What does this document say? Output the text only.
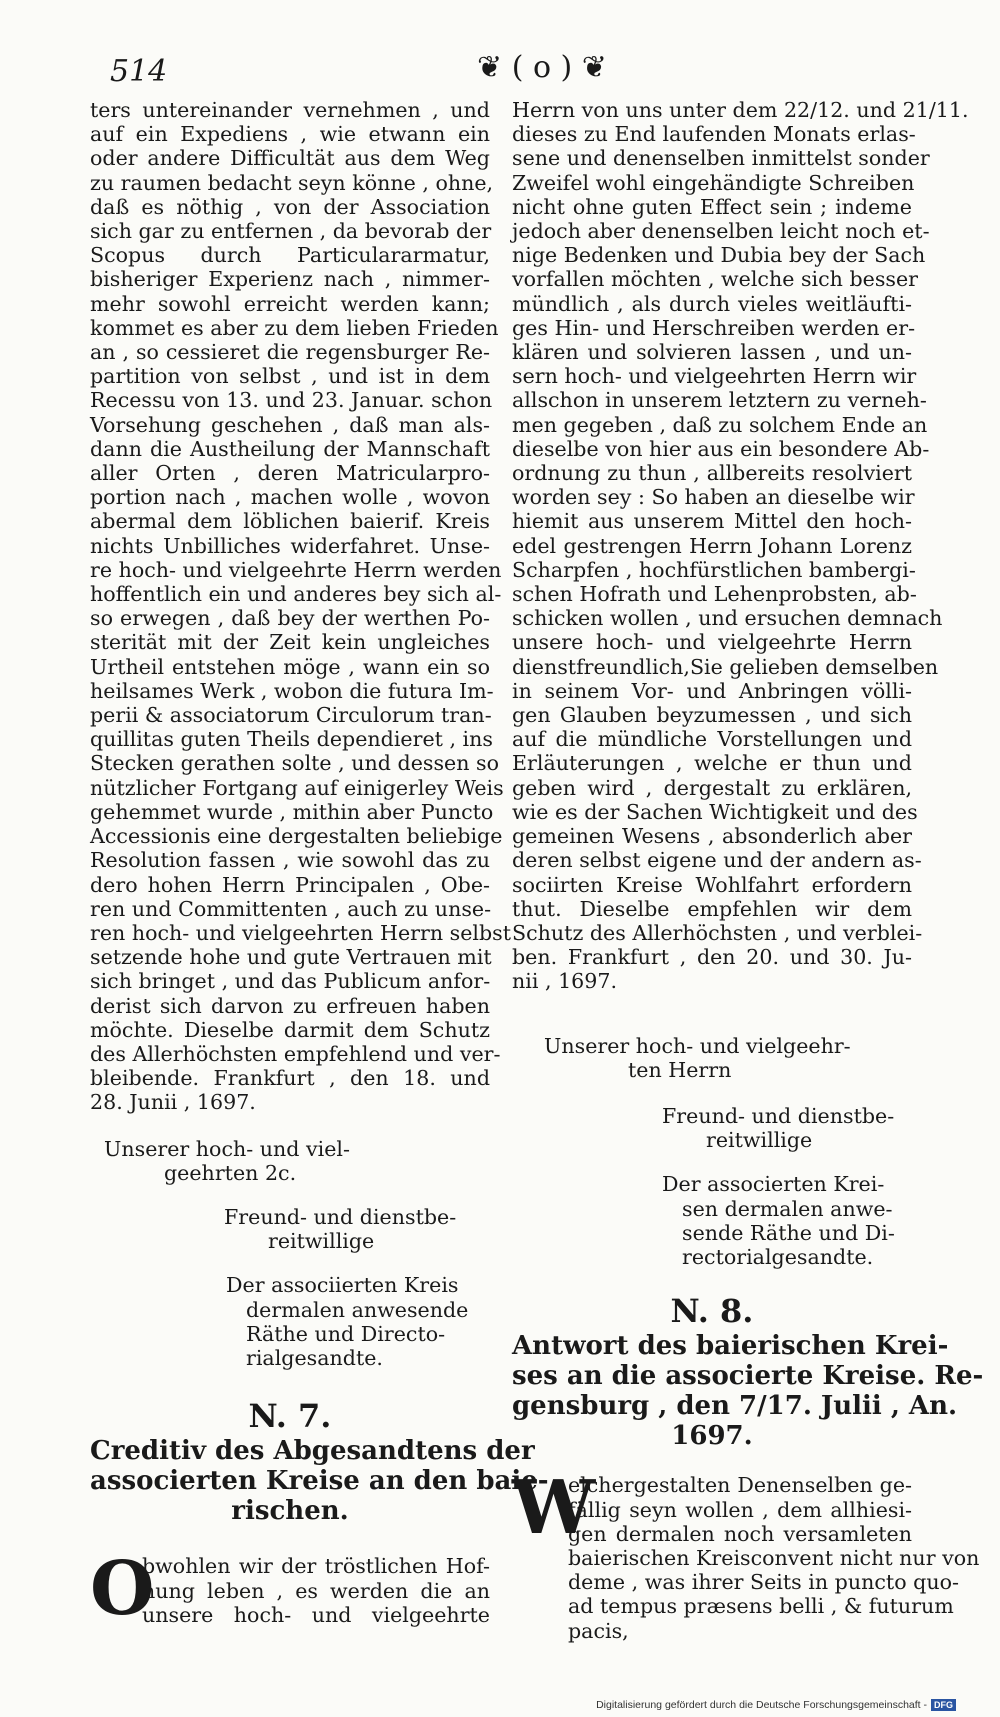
514	❦ ( o ) ❦

ters untereinander vernehmen , und
auf ein Expediens , wie etwann ein
oder andere Difficultät aus dem Weg
zu raumen bedacht seyn könne , ohne,
daß es nöthig , von der Association
sich gar zu entfernen , da bevorab der
Scopus durch Particulararmatur,
bisheriger Experienz nach , nimmer-
mehr sowohl erreicht werden kann;
kommet es aber zu dem lieben Frieden
an , so cessieret die regensburger Re-
partition von selbst , und ist in dem
Recessu von 13. und 23. Januar. schon
Vorsehung geschehen , daß man als-
dann die Austheilung der Mannschaft
aller Orten , deren Matricularpro-
portion nach , machen wolle , wovon
abermal dem löblichen baierif. Kreis
nichts Unbilliches widerfahret. Unse-
re hoch- und vielgeehrte Herrn werden
hoffentlich ein und anderes bey sich al-
so erwegen , daß bey der werthen Po-
sterität mit der Zeit kein ungleiches
Urtheil entstehen möge , wann ein so
heilsames Werk , wobon die futura Im-
perii & associatorum Circulorum tran-
quillitas guten Theils dependieret , ins
Stecken gerathen solte , und dessen so
nützlicher Fortgang auf einigerley Weis
gehemmet wurde , mithin aber Puncto
Accessionis eine dergestalten beliebige
Resolution fassen , wie sowohl das zu
dero hohen Herrn Principalen , Obe-
ren und Committenten , auch zu unse-
ren hoch- und vielgeehrten Herrn selbst
setzende hohe und gute Vertrauen mit
sich bringet , und das Publicum anfor-
derist sich darvon zu erfreuen haben
möchte. Dieselbe darmit dem Schutz
des Allerhöchsten empfehlend und ver-
bleibende. Frankfurt , den 18. und
28. Junii , 1697.

Unserer hoch- und viel-
geehrten 2c.
Freund- und dienstbe-
reitwillige
Der associierten Kreis
dermalen anwesende
Räthe und Directo-
rialgesandte.

N. 7.

Creditiv des Abgesandtens der
associerten Kreise an den baie-
rischen.
O
bwohlen wir der tröstlichen Hof-
nung leben , es werden die an
unsere hoch- und vielgeehrte

Herrn von uns unter dem 22/12. und 21/11.
dieses zu End laufenden Monats erlas-
sene und denenselben inmittelst sonder
Zweifel wohl eingehändigte Schreiben
nicht ohne guten Effect sein ; indeme
jedoch aber denenselben leicht noch et-
nige Bedenken und Dubia bey der Sach
vorfallen möchten , welche sich besser
mündlich , als durch vieles weitläufti-
ges Hin- und Herschreiben werden er-
klären und solvieren lassen , und un-
sern hoch- und vielgeehrten Herrn wir
allschon in unserem letztern zu verneh-
men gegeben , daß zu solchem Ende an
dieselbe von hier aus ein besondere Ab-
ordnung zu thun , allbereits resolviert
worden sey : So haben an dieselbe wir
hiemit aus unserem Mittel den hoch-
edel gestrengen Herrn Johann Lorenz
Scharpfen , hochfürstlichen bambergi-
schen Hofrath und Lehenprobsten, ab-
schicken wollen , und ersuchen demnach
unsere hoch- und vielgeehrte Herrn
dienstfreundlich,Sie gelieben demselben
in seinem Vor- und Anbringen völli-
gen Glauben beyzumessen , und sich
auf die mündliche Vorstellungen und
Erläuterungen , welche er thun und
geben wird , dergestalt zu erklären,
wie es der Sachen Wichtigkeit und des
gemeinen Wesens , absonderlich aber
deren selbst eigene und der andern as-
sociirten Kreise Wohlfahrt erfordern
thut. Dieselbe empfehlen wir dem
Schutz des Allerhöchsten , und verblei-
ben. Frankfurt , den 20. und 30. Ju-
nii , 1697.

Unserer hoch- und vielgeehr-
ten Herrn
Freund- und dienstbe-
reitwillige
Der associerten Krei-
sen dermalen anwe-
sende Räthe und Di-
rectorialgesandte.

N. 8.

Antwort des baierischen Krei-
ses an die associerte Kreise. Re-
gensburg , den 7/17. Julii , An.
1697.
W
elchergestalten Denenselben ge-
fällig seyn wollen , dem allhiesi-
gen dermalen noch versamleten
baierischen Kreisconvent nicht nur von
deme , was ihrer Seits in puncto quo-
ad tempus præsens belli , & futurum
pacis,
Digitalisierung gefördert durch die Deutsche Forschungsgemeinschaft - DFG
